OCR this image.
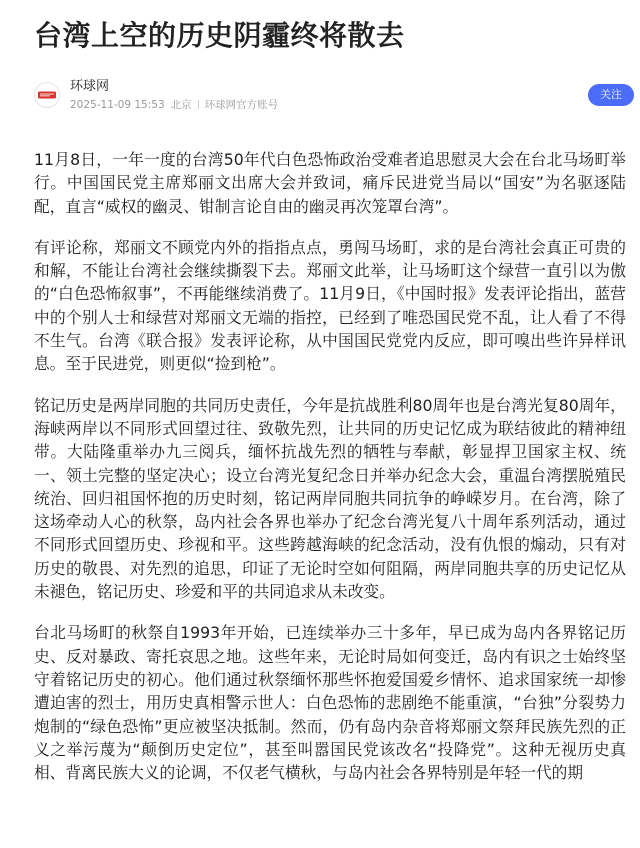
台湾上空的历史阴霾终将散去
环球网
2025-11-09 15:53 北京 环球网官方账号
关注

11月8日，一年一度的台湾50年代白色恐怖政治受难者追思慰灵大会在台北马场町举行。中国国民党主席郑丽文出席大会并致词，痛斥民进党当局以“国安”为名驱逐陆配，直言“威权的幽灵、钳制言论自由的幽灵再次笼罩台湾”。

有评论称，郑丽文不顾党内外的指指点点，勇闯马场町，求的是台湾社会真正可贵的和解，不能让台湾社会继续撕裂下去。郑丽文此举，让马场町这个绿营一直引以为傲的“白色恐怖叙事”，不再能继续消费了。11月9日，《中国时报》发表评论指出，蓝营中的个别人士和绿营对郑丽文无端的指控，已经到了唯恐国民党不乱，让人看了不得不生气。台湾《联合报》发表评论称，从中国国民党党内反应，即可嗅出些许异样讯息。至于民进党，则更似“捡到枪”。

铭记历史是两岸同胞的共同历史责任，今年是抗战胜利80周年也是台湾光复80周年，海峡两岸以不同形式回望过往、致敬先烈，让共同的历史记忆成为联结彼此的精神纽带。大陆隆重举办九三阅兵，缅怀抗战先烈的牺牲与奉献，彰显捍卫国家主权、统一、领土完整的坚定决心；设立台湾光复纪念日并举办纪念大会，重温台湾摆脱殖民统治、回归祖国怀抱的历史时刻，铭记两岸同胞共同抗争的峥嵘岁月。在台湾，除了这场牵动人心的秋祭，岛内社会各界也举办了纪念台湾光复八十周年系列活动，通过不同形式回望历史、珍视和平。这些跨越海峡的纪念活动，没有仇恨的煽动，只有对历史的敬畏、对先烈的追思，印证了无论时空如何阻隔，两岸同胞共享的历史记忆从未褪色，铭记历史、珍爱和平的共同追求从未改变。

台北马场町的秋祭自1993年开始，已连续举办三十多年，早已成为岛内各界铭记历史、反对暴政、寄托哀思之地。这些年来，无论时局如何变迁，岛内有识之士始终坚守着铭记历史的初心。他们通过秋祭缅怀那些怀抱爱国爱乡情怀、追求国家统一却惨遭迫害的烈士，用历史真相警示世人：白色恐怖的悲剧绝不能重演，“台独”分裂势力炮制的“绿色恐怖”更应被坚决抵制。然而，仍有岛内杂音将郑丽文祭拜民族先烈的正义之举污蔑为“颠倒历史定位”，甚至叫嚣国民党该改名“投降党”。这种无视历史真相、背离民族大义的论调，不仅老气横秋，与岛内社会各界特别是年轻一代的期
